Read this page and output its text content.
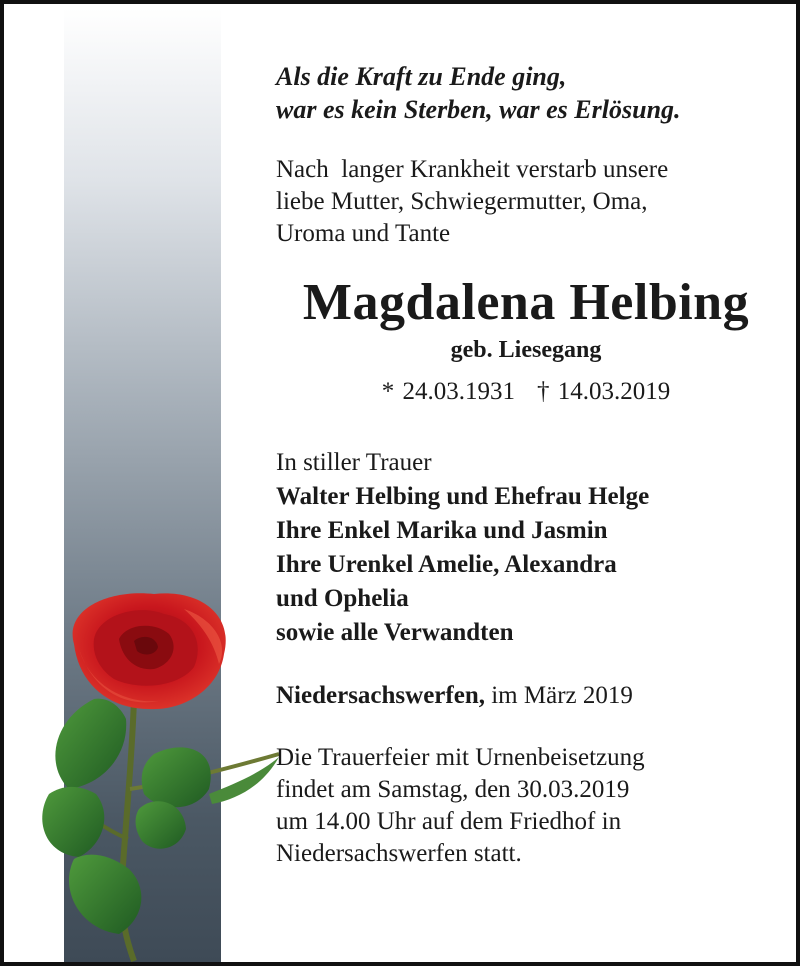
Als die Kraft zu Ende ging,
war es kein Sterben, war es Erlösung.

Nach  langer Krankheit verstarb unsere
liebe Mutter, Schwiegermutter, Oma,
Uroma und Tante

Magdalena Helbing

geb. Liesegang

* 24.03.1931 † 14.03.2019

In stiller Trauer

Walter Helbing und Ehefrau Helge
Ihre Enkel Marika und Jasmin
Ihre Urenkel Amelie, Alexandra
und Ophelia
sowie alle Verwandten

Niedersachswerfen, im März 2019

Die Trauerfeier mit Urnenbeisetzung
findet am Samstag, den 30.03.2019
um 14.00 Uhr auf dem Friedhof in
Niedersachswerfen statt.
